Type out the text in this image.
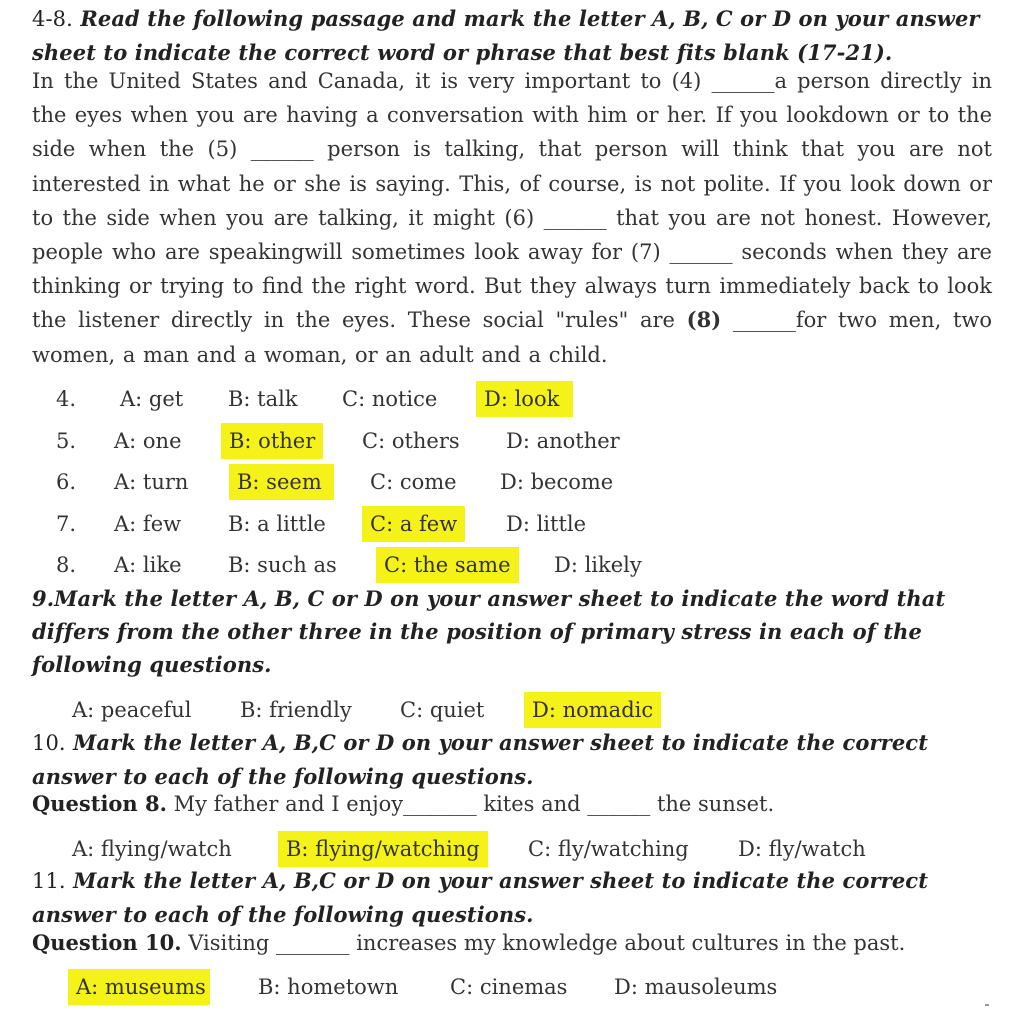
4-8. Read the following passage and mark the letter A, B, C or D on your answer
sheet to indicate the correct word or phrase that best fits blank (17-21).
In the United States and Canada, it is very important to (4) ______a person directly in the eyes when you are having a conversation with him or her. If you lookdown or to the side when the (5) ______ person is talking, that person will think that you are not interested in what he or she is saying. This, of course, is not polite. If you look down or to the side when you are talking, it might (6) ______ that you are not honest. However, people who are speakingwill sometimes look away for (7) ______ seconds when they are thinking or trying to find the right word. But they always turn immediately back to look the listener directly in the eyes. These social "rules" are (8) ______for two men, two women, a man and a woman, or an adult and a child.
4. A: get B: talk C: notice	D: look
5. A: one	B: other	C: others D: another
6. A: turn	B: seem	C: come D: become
7. A: few B: a little	C: a few	D: little
8. A: like B: such as	C: the same	D: likely
9.Mark the letter A, B, C or D on your answer sheet to indicate the word that
differs from the other three in the position of primary stress in each of the
following questions.
A: peaceful B: friendly C: quiet	D: nomadic
10. Mark the letter A, B,C or D on your answer sheet to indicate the correct
answer to each of the following questions.
Question 8. My father and I enjoy_______ kites and ______ the sunset.
A: flying/watch	B: flying/watching	C: fly/watching D: fly/watch
11. Mark the letter A, B,C or D on your answer sheet to indicate the correct
answer to each of the following questions.
Question 10. Visiting _______ increases my knowledge about cultures in the past.
A: museums B: hometown C: cinemas D: mausoleums
